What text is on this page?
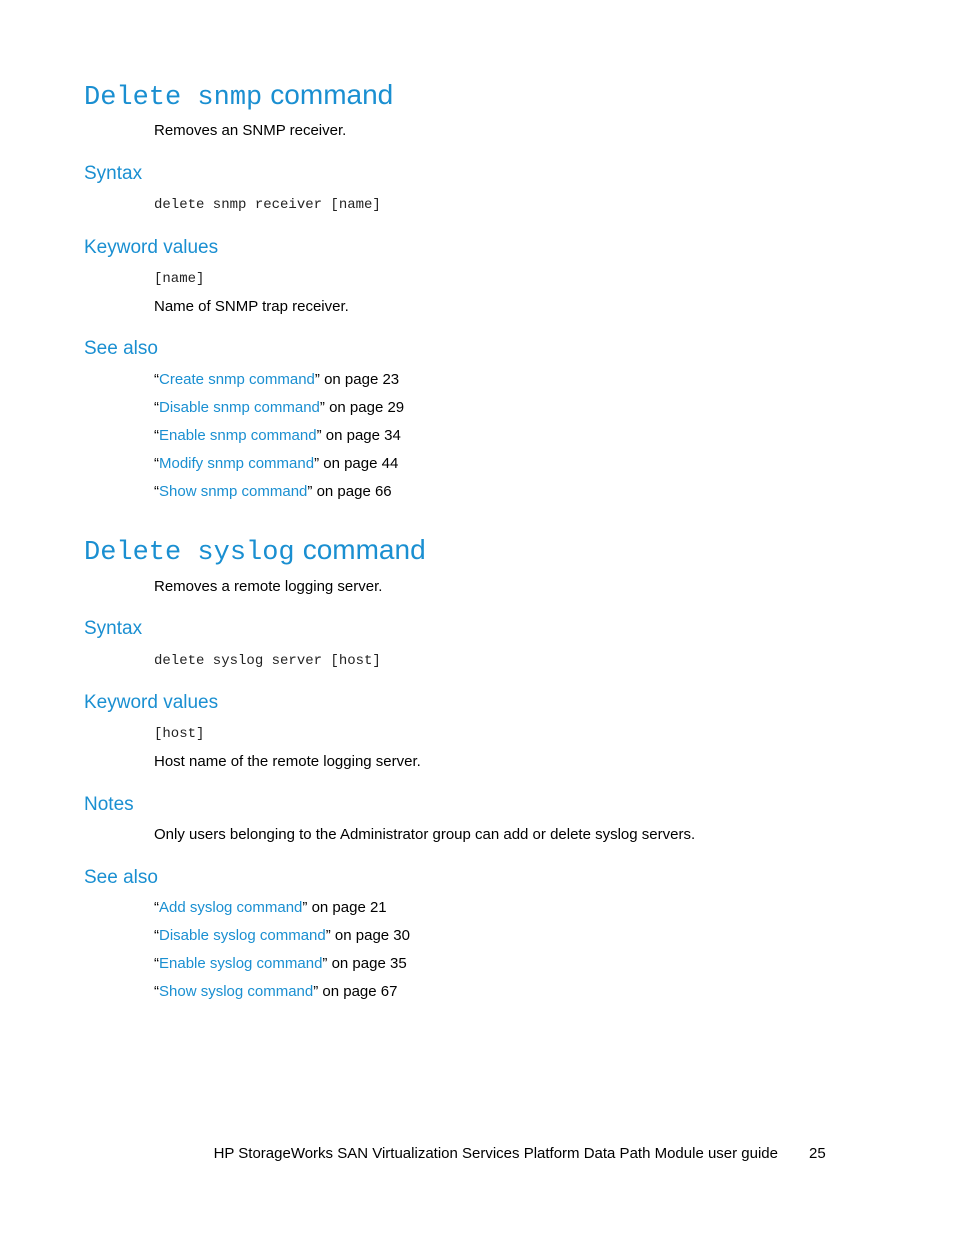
Delete snmp command
Removes an SNMP receiver.
Syntax
delete snmp receiver [name]
Keyword values
[name]
Name of SNMP trap receiver.
See also
“Create snmp command” on page 23
“Disable snmp command” on page 29
“Enable snmp command” on page 34
“Modify snmp command” on page 44
“Show snmp command” on page 66
Delete syslog command
Removes a remote logging server.
Syntax
delete syslog server [host]
Keyword values
[host]
Host name of the remote logging server.
Notes
Only users belonging to the Administrator group can add or delete syslog servers.
See also
“Add syslog command” on page 21
“Disable syslog command” on page 30
“Enable syslog command” on page 35
“Show syslog command” on page 67
HP StorageWorks SAN Virtualization Services Platform Data Path Module user guide 25
